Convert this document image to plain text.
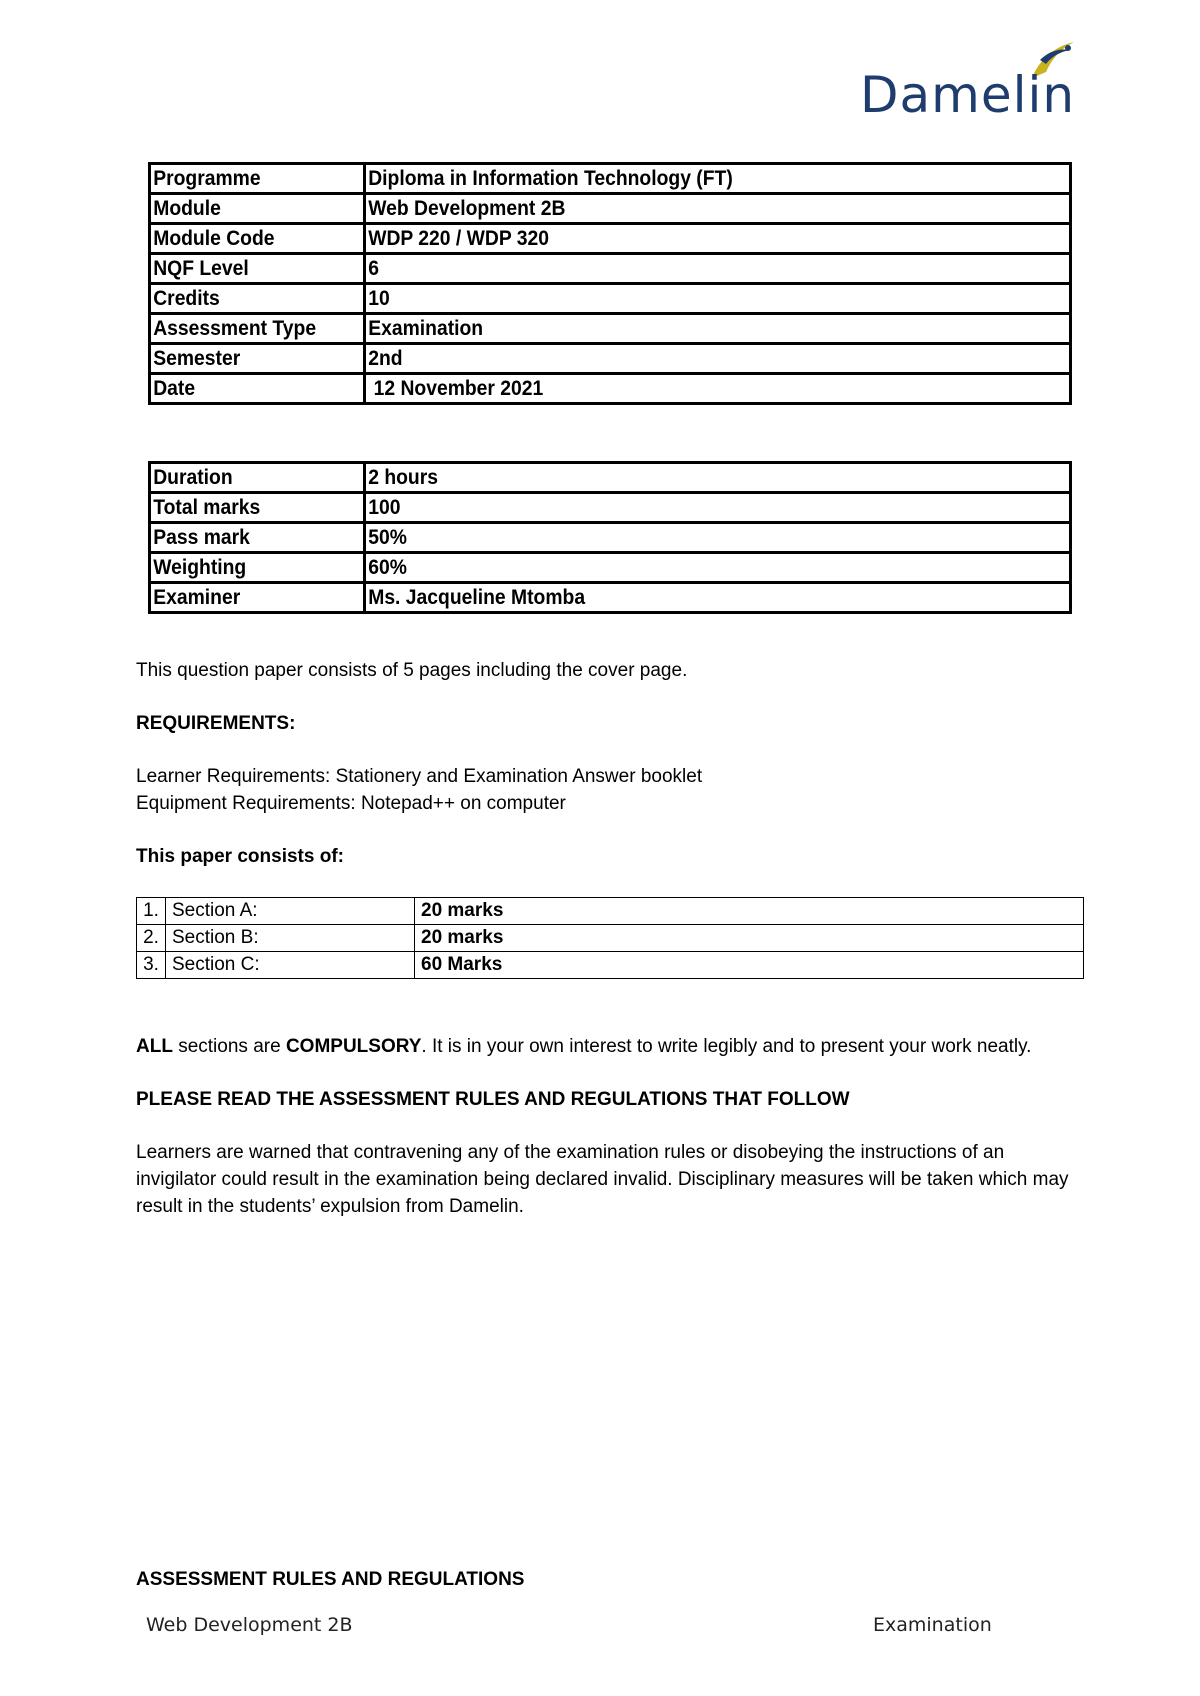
Damelin
Programme	Diploma in Information Technology (FT)
Module	Web Development 2B
Module Code	WDP 220 / WDP 320
NQF Level	6
Credits	10
Assessment Type	Examination
Semester	2nd
Date	12 November 2021
Duration	2 hours
Total marks	100
Pass mark	50%
Weighting	60%
Examiner	Ms. Jacqueline Mtomba
This question paper consists of 5 pages including the cover page.
REQUIREMENTS:
Learner Requirements: Stationery and Examination Answer booklet
Equipment Requirements: Notepad++ on computer
This paper consists of:
1.	Section A:	20 marks
2.	Section B:	20 marks
3.	Section C:	60 Marks
ALL sections are COMPULSORY. It is in your own interest to write legibly and to present your work neatly.
PLEASE READ THE ASSESSMENT RULES AND REGULATIONS THAT FOLLOW
Learners are warned that contravening any of the examination rules or disobeying the instructions of an invigilator could result in the examination being declared invalid. Disciplinary measures will be taken which may result in the students’ expulsion from Damelin.
ASSESSMENT RULES AND REGULATIONS
Web Development 2B	Examination
